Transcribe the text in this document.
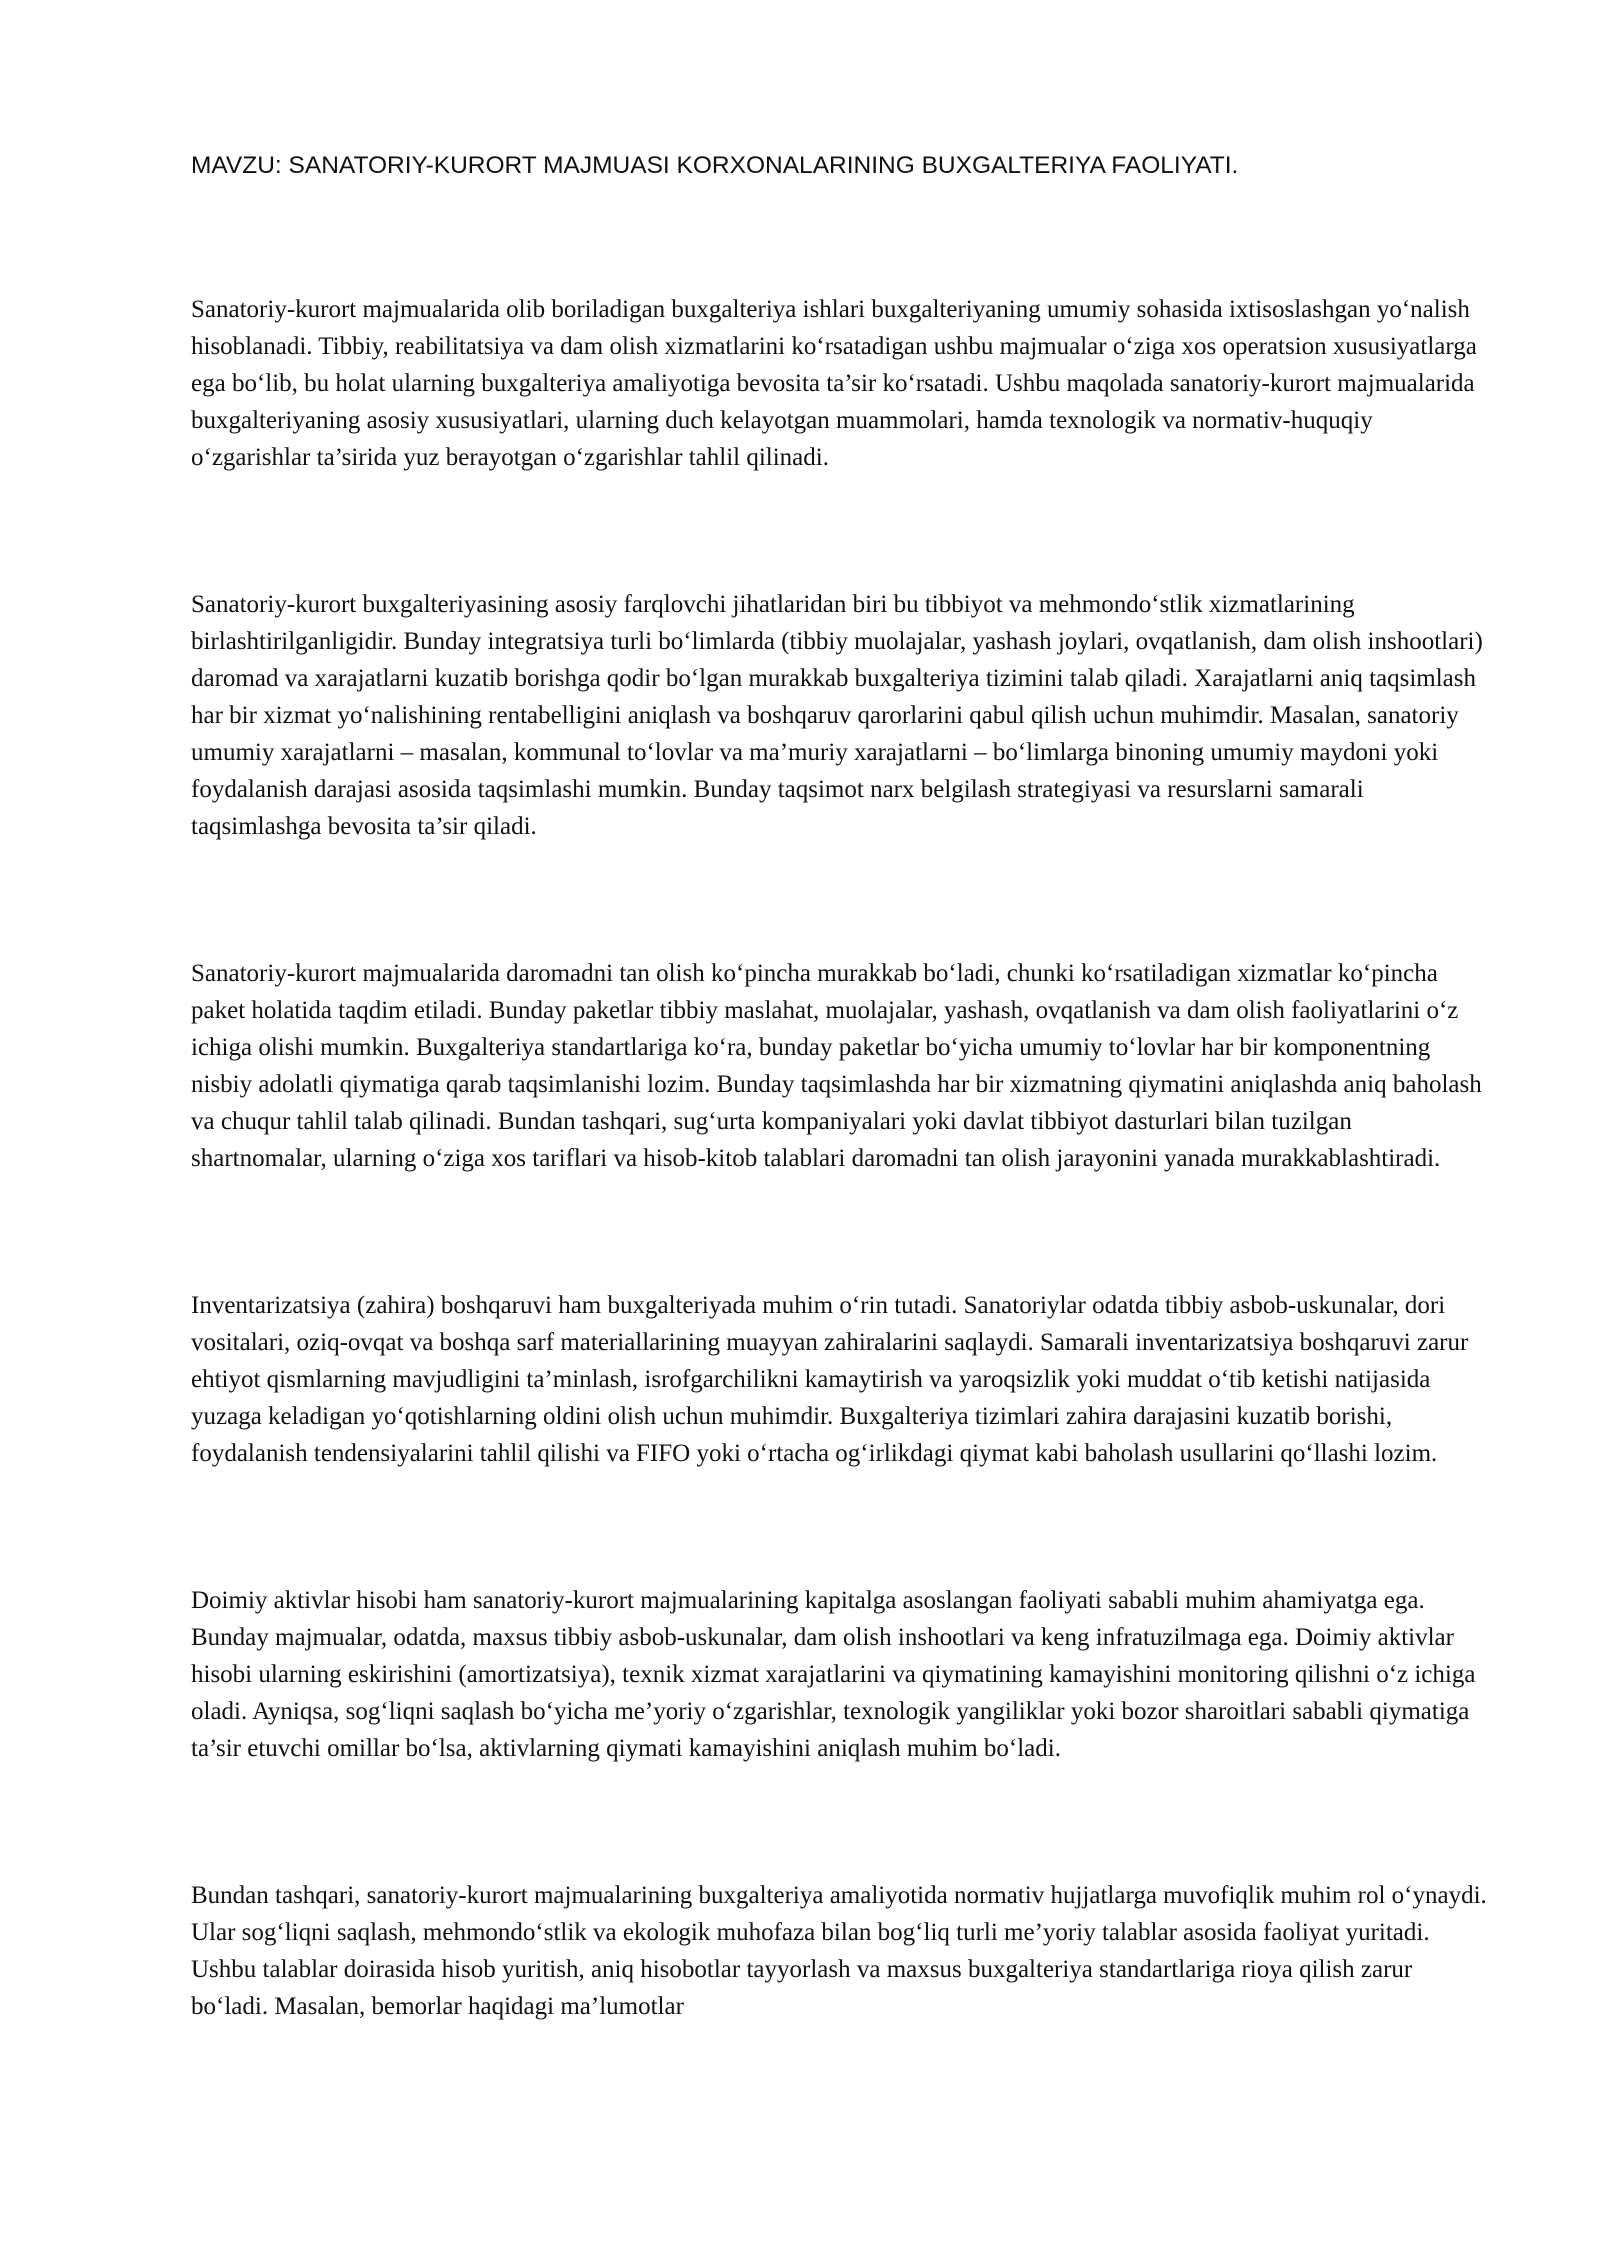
MAVZU: SANATORIY-KURORT MAJMUASI KORXONALARINING BUXGALTERIYA FAOLIYATI.

Sanatoriy-kurort majmualarida olib boriladigan buxgalteriya ishlari buxgalteriyaning umumiy sohasida ixtisoslashgan yo‘nalish hisoblanadi. Tibbiy, reabilitatsiya va dam olish xizmatlarini ko‘rsatadigan ushbu majmualar o‘ziga xos operatsion xususiyatlarga ega bo‘lib, bu holat ularning buxgalteriya amaliyotiga bevosita ta’sir ko‘rsatadi. Ushbu maqolada sanatoriy-kurort majmualarida buxgalteriyaning asosiy xususiyatlari, ularning duch kelayotgan muammolari, hamda texnologik va normativ-huquqiy o‘zgarishlar ta’sirida yuz berayotgan o‘zgarishlar tahlil qilinadi.

Sanatoriy-kurort buxgalteriyasining asosiy farqlovchi jihatlaridan biri bu tibbiyot va mehmondo‘stlik xizmatlarining birlashtirilganligidir. Bunday integratsiya turli bo‘limlarda (tibbiy muolajalar, yashash joylari, ovqatlanish, dam olish inshootlari) daromad va xarajatlarni kuzatib borishga qodir bo‘lgan murakkab buxgalteriya tizimini talab qiladi. Xarajatlarni aniq taqsimlash har bir xizmat yo‘nalishining rentabelligini aniqlash va boshqaruv qarorlarini qabul qilish uchun muhimdir. Masalan, sanatoriy umumiy xarajatlarni – masalan, kommunal to‘lovlar va ma’muriy xarajatlarni – bo‘limlarga binoning umumiy maydoni yoki foydalanish darajasi asosida taqsimlashi mumkin. Bunday taqsimot narx belgilash strategiyasi va resurslarni samarali taqsimlashga bevosita ta’sir qiladi.

Sanatoriy-kurort majmualarida daromadni tan olish ko‘pincha murakkab bo‘ladi, chunki ko‘rsatiladigan xizmatlar ko‘pincha paket holatida taqdim etiladi. Bunday paketlar tibbiy maslahat, muolajalar, yashash, ovqatlanish va dam olish faoliyatlarini o‘z ichiga olishi mumkin. Buxgalteriya standartlariga ko‘ra, bunday paketlar bo‘yicha umumiy to‘lovlar har bir komponentning nisbiy adolatli qiymatiga qarab taqsimlanishi lozim. Bunday taqsimlashda har bir xizmatning qiymatini aniqlashda aniq baholash va chuqur tahlil talab qilinadi. Bundan tashqari, sug‘urta kompaniyalari yoki davlat tibbiyot dasturlari bilan tuzilgan shartnomalar, ularning o‘ziga xos tariflari va hisob-kitob talablari daromadni tan olish jarayonini yanada murakkablashtiradi.

Inventarizatsiya (zahira) boshqaruvi ham buxgalteriyada muhim o‘rin tutadi. Sanatoriylar odatda tibbiy asbob-uskunalar, dori vositalari, oziq-ovqat va boshqa sarf materiallarining muayyan zahiralarini saqlaydi. Samarali inventarizatsiya boshqaruvi zarur ehtiyot qismlarning mavjudligini ta’minlash, isrofgarchilikni kamaytirish va yaroqsizlik yoki muddat o‘tib ketishi natijasida yuzaga keladigan yo‘qotishlarning oldini olish uchun muhimdir. Buxgalteriya tizimlari zahira darajasini kuzatib borishi, foydalanish tendensiyalarini tahlil qilishi va FIFO yoki o‘rtacha og‘irlikdagi qiymat kabi baholash usullarini qo‘llashi lozim.

Doimiy aktivlar hisobi ham sanatoriy-kurort majmualarining kapitalga asoslangan faoliyati sababli muhim ahamiyatga ega. Bunday majmualar, odatda, maxsus tibbiy asbob-uskunalar, dam olish inshootlari va keng infratuzilmaga ega. Doimiy aktivlar hisobi ularning eskirishini (amortizatsiya), texnik xizmat xarajatlarini va qiymatining kamayishini monitoring qilishni o‘z ichiga oladi. Ayniqsa, sog‘liqni saqlash bo‘yicha me’yoriy o‘zgarishlar, texnologik yangiliklar yoki bozor sharoitlari sababli qiymatiga ta’sir etuvchi omillar bo‘lsa, aktivlarning qiymati kamayishini aniqlash muhim bo‘ladi.

Bundan tashqari, sanatoriy-kurort majmualarining buxgalteriya amaliyotida normativ hujjatlarga muvofiqlik muhim rol o‘ynaydi. Ular sog‘liqni saqlash, mehmondo‘stlik va ekologik muhofaza bilan bog‘liq turli me’yoriy talablar asosida faoliyat yuritadi. Ushbu talablar doirasida hisob yuritish, aniq hisobotlar tayyorlash va maxsus buxgalteriya standartlariga rioya qilish zarur bo‘ladi. Masalan, bemorlar haqidagi ma’lumotlar
